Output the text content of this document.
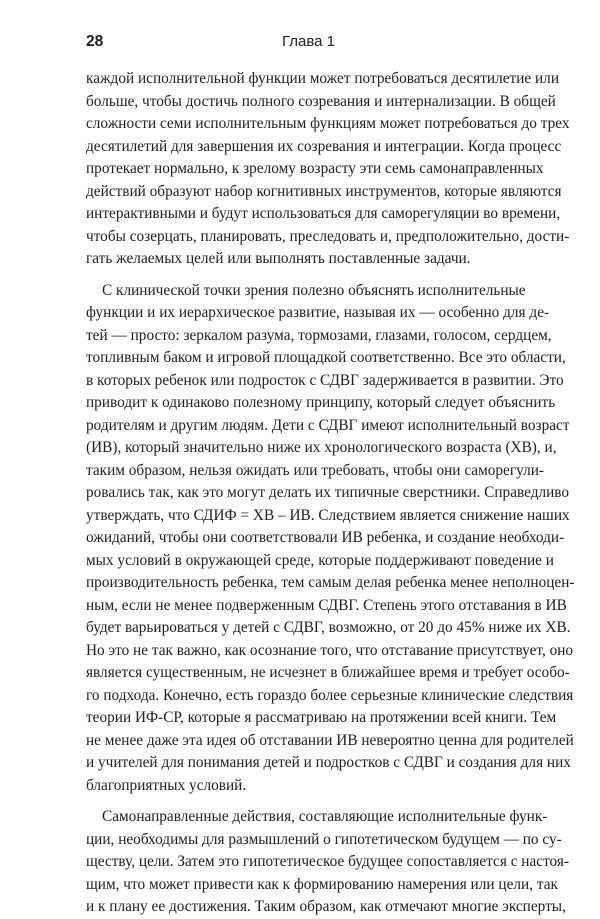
28	Глава 1
каждой исполнительной функции может потребоваться десятилетие или
больше, чтобы достичь полного созревания и интернализации. В общей
сложности семи исполнительным функциям может потребоваться до трех
десятилетий для завершения их созревания и интеграции. Когда процесс
протекает нормально, к зрелому возрасту эти семь самонаправленных
действий образуют набор когнитивных инструментов, которые являются
интерактивными и будут использоваться для саморегуляции во времени,
чтобы созерцать, планировать, преследовать и, предположительно, дости-
гать желаемых целей или выполнять поставленные задачи.
С клинической точки зрения полезно объяснять исполнительные
функции и их иерархическое развитие, называя их — особенно для де-
тей — просто: зеркалом разума, тормозами, глазами, голосом, сердцем,
топливным баком и игровой площадкой соответственно. Все это области,
в которых ребенок или подросток с СДВГ задерживается в развитии. Это
приводит к одинаково полезному принципу, который следует объяснить
родителям и другим людям. Дети с СДВГ имеют исполнительный возраст
(ИВ), который значительно ниже их хронологического возраста (ХВ), и,
таким образом, нельзя ожидать или требовать, чтобы они саморегули-
ровались так, как это могут делать их типичные сверстники. Справедливо
утверждать, что СДИФ = ХВ – ИВ. Следствием является снижение наших
ожиданий, чтобы они соответствовали ИВ ребенка, и создание необходи-
мых условий в окружающей среде, которые поддерживают поведение и
производительность ребенка, тем самым делая ребенка менее неполноцен-
ным, если не менее подверженным СДВГ. Степень этого отставания в ИВ
будет варьироваться у детей с СДВГ, возможно, от 20 до 45% ниже их ХВ.
Но это не так важно, как осознание того, что отставание присутствует, оно
является существенным, не исчезнет в ближайшее время и требует особо-
го подхода. Конечно, есть гораздо более серьезные клинические следствия
теории ИФ-СР, которые я рассматриваю на протяжении всей книги. Тем
не менее даже эта идея об отставании ИВ невероятно ценна для родителей
и учителей для понимания детей и подростков с СДВГ и создания для них
благоприятных условий.
Самонаправленные действия, составляющие исполнительные функ-
ции, необходимы для размышлений о гипотетическом будущем — по су-
ществу, цели. Затем это гипотетическое будущее сопоставляется с настоя-
щим, что может привести как к формированию намерения или цели, так
и к плану ее достижения. Таким образом, как отмечают многие эксперты,
